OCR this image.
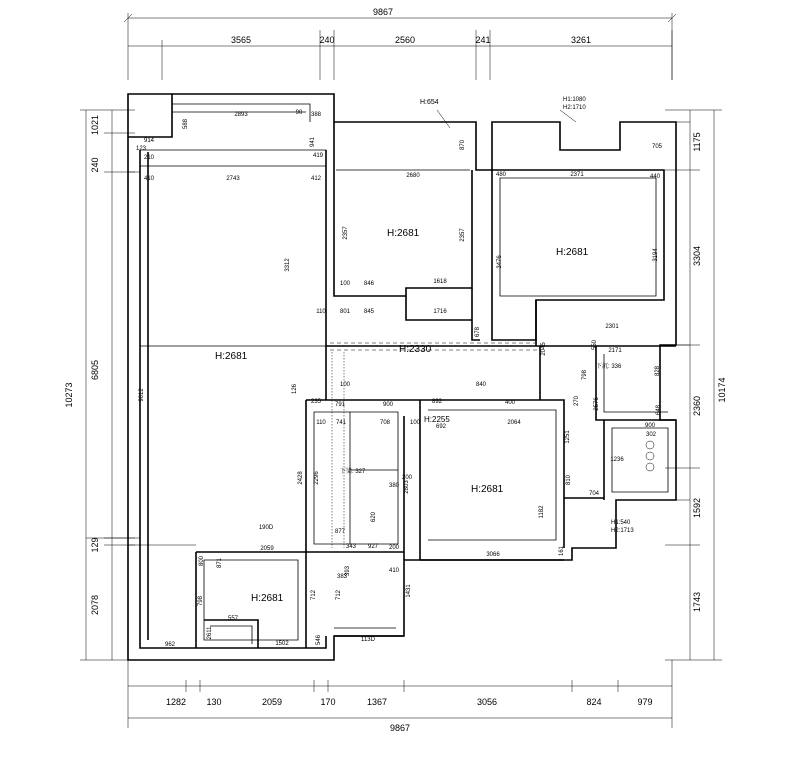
H:2681
H:2681
H:2681
H:2330
H:2255
H:2681
H:2681
H:654	H1:1080
H2:1710
下沉: 336
下梁: 327
H1:540
H2:1713
9867
3565	240	2560	241	3261
1282 130	2059	170	1367	3056	824	979
9867
10273
240
1021
6805
129
2078
10174
1175
3304
2360
1592
1743
2893
914
588
90 388
941
123
210
410	2743	412
419
2680
870
480	2371	440
705
2357	2357
3194
3476
3312
9012
100 846	1618
110	845
801	1716
678	2301
2171
2045	550
798	828
2576
270
648
126	100	840
400
892
235 791	900
110 741	708	100
692
2064
1251
900
302
1236
2428 2296
380
200
2803
810
704
1182
190D
877
620
3066	161
2059	343 927 200
800 871
393
383
410
1431
798
712	712
557
2611
962	1502	546	113D
